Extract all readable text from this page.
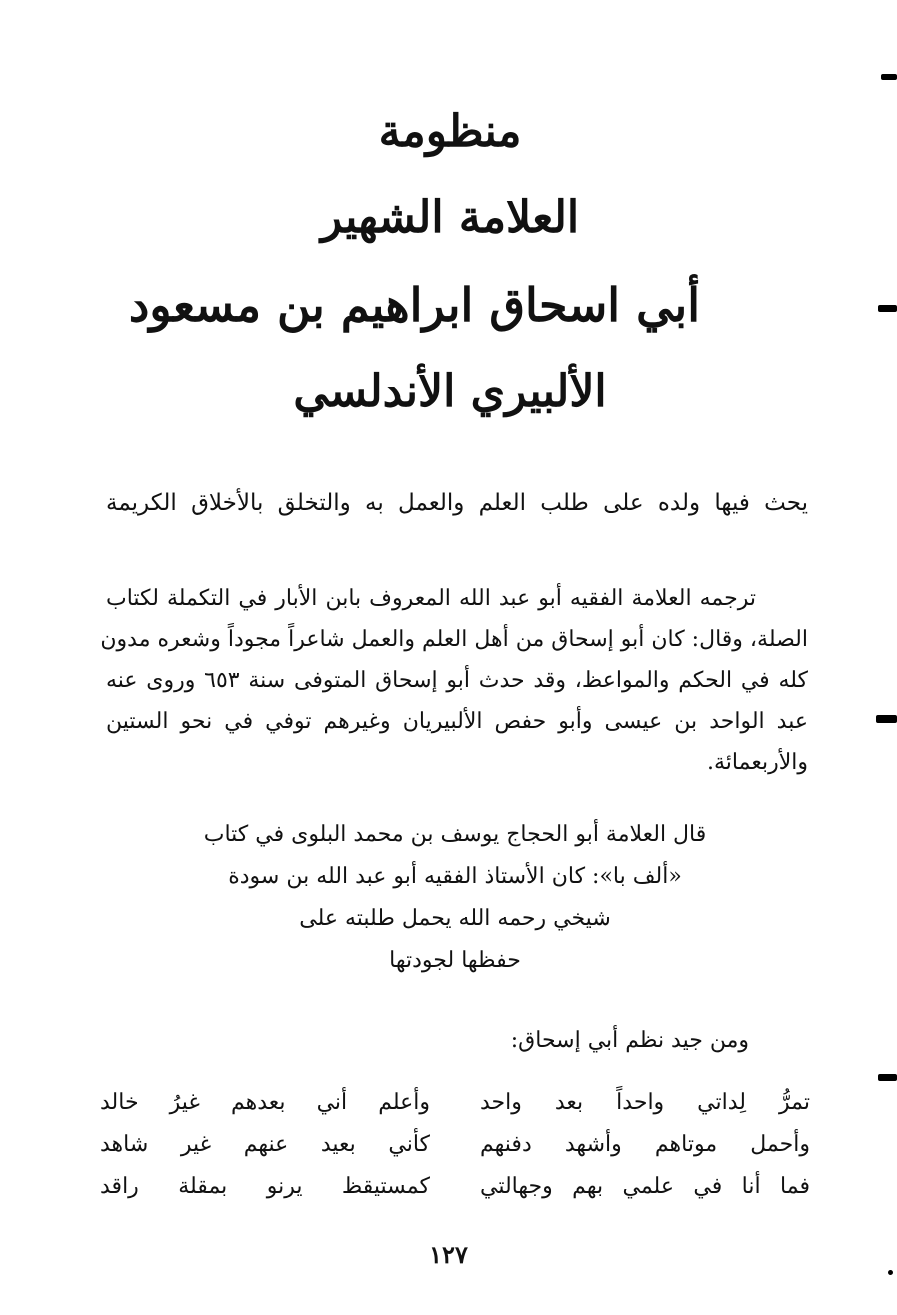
منظومة
العلامة الشهير
أبي اسحاق ابراهيم بن مسعود
الألبيري الأندلسي
يحث فيها ولده على طلب العلم والعمل به والتخلق بالأخلاق الكريمة
ترجمه العلامة الفقيه أبو عبد الله المعروف بابن الأبار في التكملة لكتاب
الصلة، وقال: كان أبو إسحاق من أهل العلم والعمل شاعراً مجوداً وشعره مدون
كله في الحكم والمواعظ، وقد حدث أبو إسحاق المتوفى سنة ٦٥٣ وروى عنه
عبد الواحد بن عيسى وأبو حفص الألبيريان وغيرهم توفي في نحو الستين
والأربعمائة.
قال العلامة أبو الحجاج يوسف بن محمد البلوى في كتاب
«ألف با»: كان الأستاذ الفقيه أبو عبد الله بن سودة
شيخي رحمه الله يحمل طلبته على
حفظها لجودتها
ومن جيد نظم أبي إسحاق:
تمرُّ لِداتي واحداً بعد واحد
وأعلم أني بعدهم غيرُ خالد
وأحمل موتاهم وأشهد دفنهم
كأني بعيد عنهم غير شاهد
فما أنا في علمي بهم وجهالتي
كمستيقظ يرنو بمقلة راقد
١٢٧
